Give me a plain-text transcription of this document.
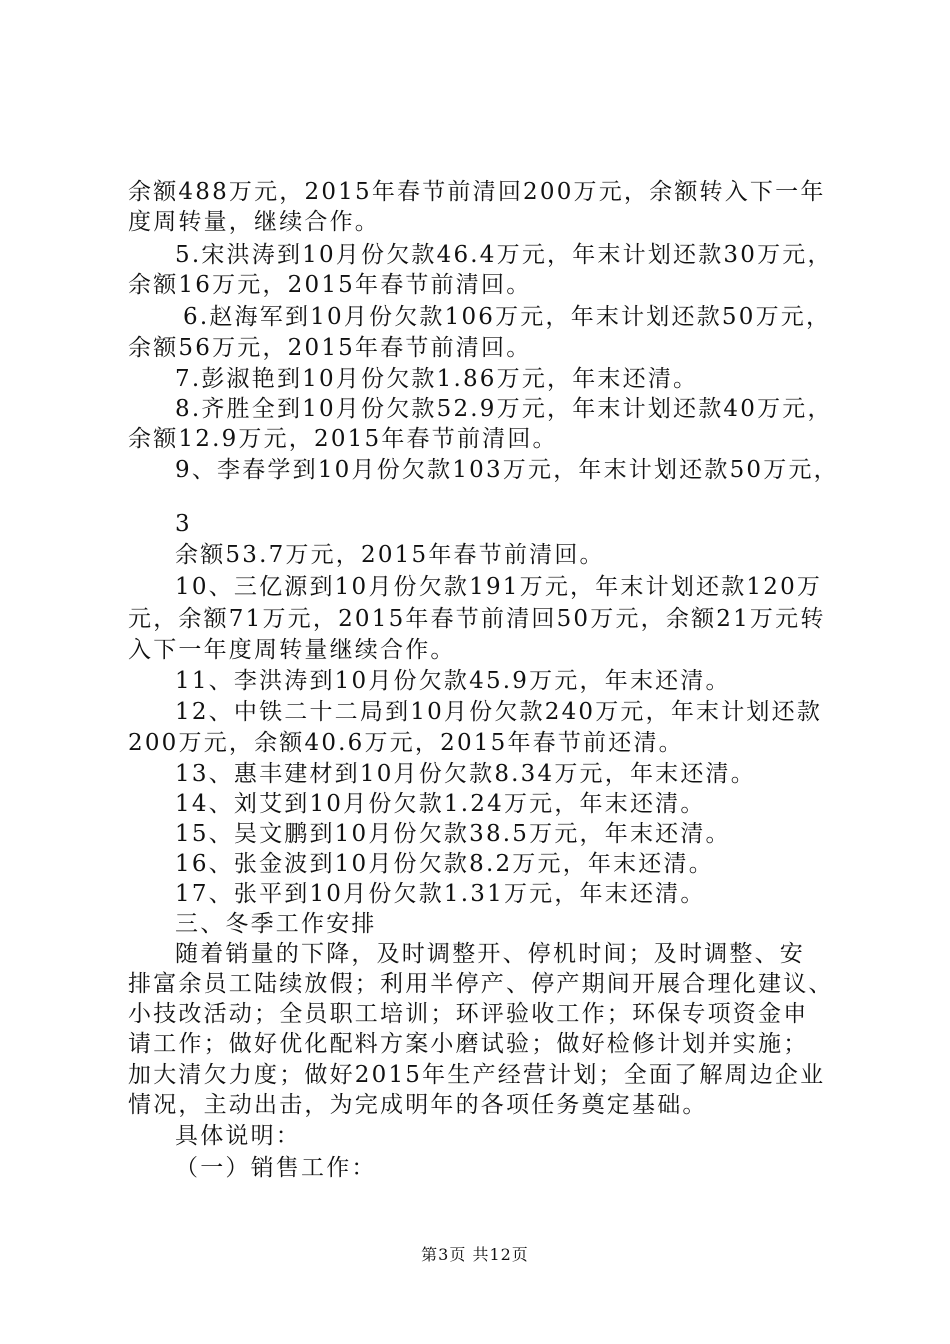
余额488万元，2015年春节前清回200万元，余额转入下一年
度周转量，继续合作。
5.宋洪涛到10月份欠款46.4万元，年末计划还款30万元，
余额16万元，2015年春节前清回。
6.赵海军到10月份欠款106万元，年末计划还款50万元，
余额56万元，2015年春节前清回。
7.彭淑艳到10月份欠款1.86万元，年末还清。
8.齐胜全到10月份欠款52.9万元，年末计划还款40万元，
余额12.9万元，2015年春节前清回。
9、李春学到10月份欠款103万元，年末计划还款50万元，
3
余额53.7万元，2015年春节前清回。
10、三亿源到10月份欠款191万元，年末计划还款120万
元，余额71万元，2015年春节前清回50万元，余额21万元转
入下一年度周转量继续合作。
11、李洪涛到10月份欠款45.9万元，年末还清。
12、中铁二十二局到10月份欠款240万元，年末计划还款
200万元，余额40.6万元，2015年春节前还清。
13、惠丰建材到10月份欠款8.34万元，年末还清。
14、刘艾到10月份欠款1.24万元，年末还清。
15、吴文鹏到10月份欠款38.5万元，年末还清。
16、张金波到10月份欠款8.2万元，年末还清。
17、张平到10月份欠款1.31万元，年末还清。
三、冬季工作安排
随着销量的下降，及时调整开、停机时间；及时调整、安
排富余员工陆续放假；利用半停产、停产期间开展合理化建议、
小技改活动；全员职工培训；环评验收工作；环保专项资金申
请工作；做好优化配料方案小磨试验；做好检修计划并实施；
加大清欠力度；做好2015年生产经营计划；全面了解周边企业
情况，主动出击，为完成明年的各项任务奠定基础。
具体说明：
（一）销售工作：
第3页 共12页
